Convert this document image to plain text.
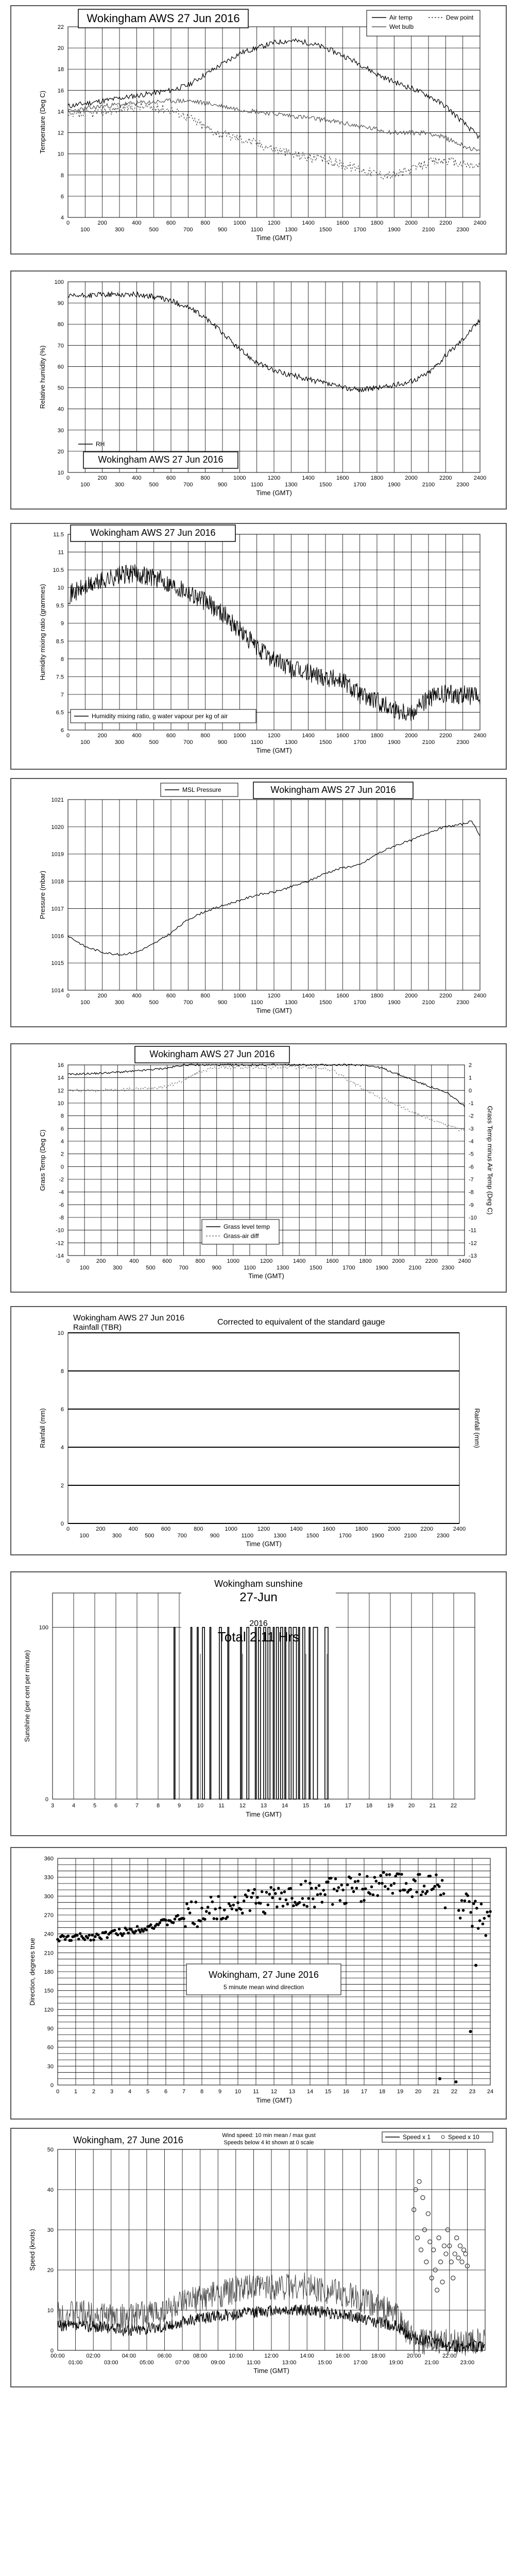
0
100
200
300
400
500
600
700
800
900
1000
1100
1200
1300
1400
1500
1600
1700
1800
1900
2000
2100
2200
2300
2400
4
6
8
10
12
14
16
18
20
22
Time (GMT)
Temperature (Deg C)
Wokingham AWS 27 Jun 2016	Air temp
Wet bulb
Dew point
0
100
200
300
400
500
600
700
800
900
1000
1100
1200
1300
1400
1500
1600
1700
1800
1900
2000
2100
2200
2300
2400
10
20
30
40
50
60
70
80
90
100
Time (GMT)
Relative humidity (%)
RH
Wokingham AWS 27 Jun 2016
0
100
200
300
400
500
600
700
800
900
1000
1100
1200
1300
1400
1500
1600
1700
1800
1900
2000
2100
2200
2300
2400
6
6.5
7
7.5
8
8.5
9
9.5
10
10.5
11
11.5
Time (GMT)
Humidity mixing ratio (grammes)
Wokingham AWS 27 Jun 2016
Humidity mixing ratio, g water vapour per kg of air
0
100
200
300
400
500
600
700
800
900
1000
1100
1200
1300
1400
1500
1600
1700
1800
1900
2000
2100
2200
2300
2400
1014
1015
1016
1017
1018
1019
1020
1021
Time (GMT)
Pressure (mbar)
MSL Pressure	Wokingham AWS 27 Jun 2016
0
100
200
300
400
500
600
700
800
900
1000
1100
1200
1300
1400
1500
1600
1700
1800
1900
2000
2100
2200
2300
2400
-14
-12
-10
-8
-6
-4
-2
0
2
4
6
8
10
12
14
16
Time (GMT)
Grass Temp (Deg C)
-13
-12
-11
-10
-9
-8
-7
-6
-5
-4
-3
-2
-1
0
1
2
Grass Temp minus Air Temp (Deg C)
Wokingham AWS 27 Jun 2016
Grass level temp
Grass-air diff
0
100
200
300
400
500
600
700
800
900
1000
1100
1200
1300
1400
1500
1600
1700
1800
1900
2000
2100
2200
2300
2400
0
2
4
6
8
10
Time (GMT)
Rainfall (mm)	Rainfall (mm)
Wokingham AWS 27 Jun 2016
Rainfall (TBR)
Corrected to equivalent of the standard gauge
3	4	5	6	7	8	9	10	11	12	13	14	15	16	17	18	19	20	21	22
0
100
Time (GMT)
Sunshine (per cent per minute)
Wokingham sunshine
27-Jun
2016
Total 2.11 Hrs
0	1	2	3	4	5	6	7	8	9 10 11 12 13 14 15 16 17 18 19 20 21 22 23 24
0
30
60
90
120
150
180
210
240
270
300
330
360
Time (GMT)
Direction, degrees true	Wokingham, 27 June 2016
5 minute mean wind direction
00:00
01:00
02:00
03:00
04:00
05:00
06:00
07:00
08:00
09:00
10:00
11:00
12:00
13:00
14:00
15:00
16:00
17:00
18:00
19:00
20:00
21:00
22:00
23:00
0
10
20
30
40
50
Time (GMT)
Speed (knots)
Wokingham, 27 June 2016	Wind speed: 10 min mean / max gust
Speeds below 4 kt shown at 0 scale
Speed x 1	Speed x 10
